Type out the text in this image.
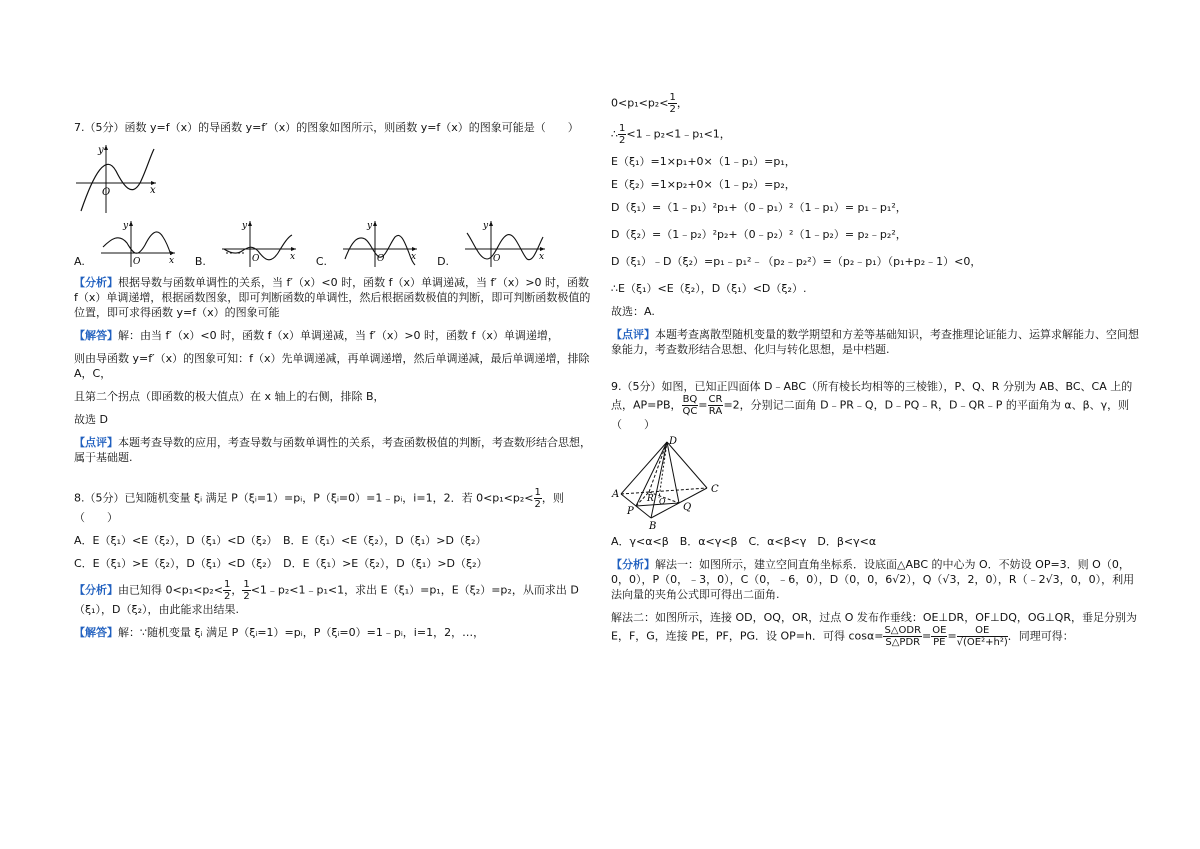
7.（5分）函数 y=f（x）的导函数 y=f′（x）的图象如图所示，则函数 y=f（x）的图象可能是（　　）

y
O	x
A.
y
O	x B.
y
O	x C.
y
O	x D.
y
O	x

【分析】根据导数与函数单调性的关系，当 f′（x）<0 时，函数 f（x）单调递减，当 f′（x）>0 时，函数 f（x）单调递增，根据函数图象，即可判断函数的单调性，然后根据函数极值的判断，即可判断函数极值的位置，即可求得函数 y=f（x）的图象可能

【解答】解：由当 f′（x）<0 时，函数 f（x）单调递减，当 f′（x）>0 时，函数 f（x）单调递增，

则由导函数 y=f′（x）的图象可知：f（x）先单调递减，再单调递增，然后单调递减，最后单调递增，排除 A，C，

且第二个拐点（即函数的极大值点）在 x 轴上的右侧，排除 B，

故选 D

【点评】本题考查导数的应用，考查导数与函数单调性的关系，考查函数极值的判断，考查数形结合思想，属于基础题.

8.（5分）已知随机变量 ξᵢ 满足 P（ξᵢ=1）=pᵢ，P（ξᵢ=0）=1﹣pᵢ，i=1，2．若 $0<p_1<p_2< \frac{1}{2}$ ，则（　　）

A．E（ξ₁）<E（ξ₂），D（ξ₁）<D（ξ₂）　B．E（ξ₁）<E（ξ₂），D（ξ₁）>D（ξ₂）

C．E（ξ₁）>E（ξ₂），D（ξ₁）<D（ξ₂）　D．E（ξ₁）>E（ξ₂），D（ξ₁）>D（ξ₂）

【分析】由已知得 $0<p_1<p_2< \frac{1}{2}$ ， $\frac{1}{2}$ <1﹣p₂<1﹣p₁<1，求出 E（ξ₁）=p₁，E（ξ₂）=p₂，从而求出 D（ξ₁），D（ξ₂），由此能求出结果.

【解答】解：∵随机变量 ξᵢ 满足 P（ξᵢ=1）=pᵢ，P（ξᵢ=0）=1﹣pᵢ，i=1，2，…，

$0<p_1<p_2< \frac{1}{2}$ ，

∴ $\frac{1}{2}$ <1﹣p₂<1﹣p₁<1，

E（ξ₁）=1×p₁+0×（1﹣p₁）=p₁，

E（ξ₂）=1×p₂+0×（1﹣p₂）=p₂，

D（ξ₁）=（1﹣p₁）²p₁+（0﹣p₁）²（1﹣p₁）= p₁﹣p₁²，

D（ξ₂）=（1﹣p₂）²p₂+（0﹣p₂）²（1﹣p₂）= p₂﹣p₂²，

D（ξ₁）﹣D（ξ₂）=p₁﹣p₁²﹣（p₂﹣p₂²）=（p₂﹣p₁）（p₁+p₂﹣1）<0，

∴E（ξ₁）<E（ξ₂），D（ξ₁）<D（ξ₂）.

故选：A.

【点评】本题考查离散型随机变量的数学期望和方差等基础知识，考查推理论证能力、运算求解能力、空间想象能力，考查数形结合思想、化归与转化思想，是中档题.

9.（5分）如图，已知正四面体 D﹣ABC（所有棱长均相等的三棱锥），P、Q、R 分别为 AB、BC、CA 上的点，AP=PB， $\frac{BQ}{QC} = \frac{CR}{RA} =2$，分别记二面角 D﹣PR﹣Q，D﹣PQ﹣R，D﹣QR﹣P 的平面角为 α、β、γ，则（　　）

D
A
B
C
P	Q
R O

A．γ<α<β　B．α<γ<β　C．α<β<γ　D．β<γ<α

【分析】解法一：如图所示，建立空间直角坐标系．设底面△ABC 的中心为 O．不妨设 OP=3．则 O（0，0，0），P（0，﹣3，0），C（0，﹣6，0），D（0，0，6√2），Q（√3，2，0），R（﹣2√3，0，0），利用法向量的夹角公式即可得出二面角.

解法二：如图所示，连接 OD，OQ，OR，过点 O 发布作垂线：OE⊥DR，OF⊥DQ，OG⊥QR，垂足分别为 E，F，G，连接 PE，PF，PG．设 OP=h．可得 $\cos\alpha= \frac{\text{S△ODR}}{\text{S△PDR}} = \frac{OE}{PE} = \frac{OE}{\text{√(OE²+h²)}}$ ．同理可得：
